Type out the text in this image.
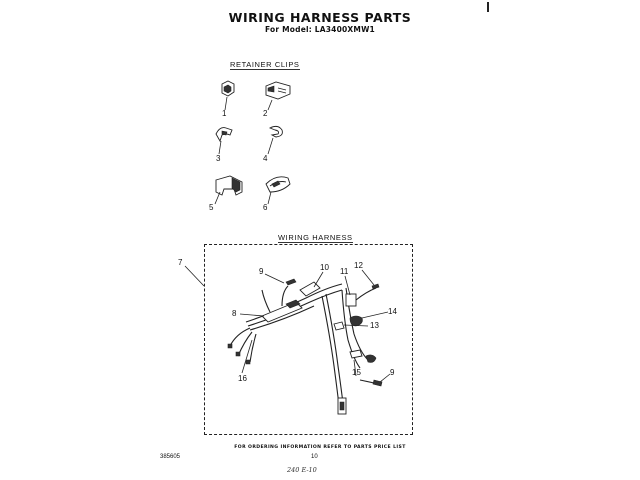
WIRING HARNESS PARTS
For Model: LA3400XMW1
RETAINER CLIPS
WIRING HARNESS
1	2
3	4
5	6
7
8
9
9
10 11
12
13
14
15
16
FOR ORDERING INFORMATION REFER TO PARTS PRICE LIST
385605	10
240 E-10
